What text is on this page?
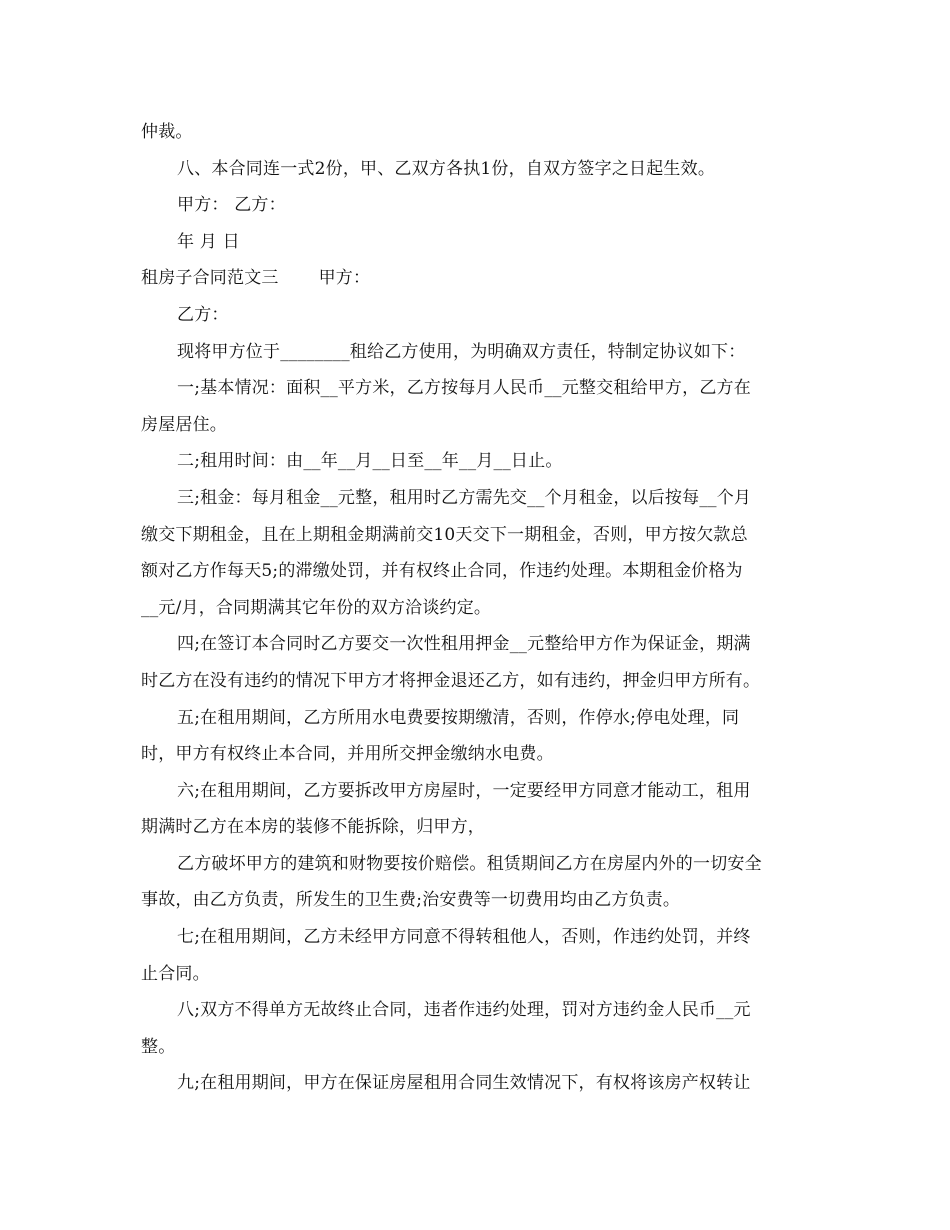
仲裁。
八、本合同连一式2份，甲、乙双方各执1份，自双方签字之日起生效。
甲方： 乙方：
年 月 日
租房子合同范文三 甲方：
乙方：
现将甲方位于________租给乙方使用，为明确双方责任，特制定协议如下：
一;基本情况：面积__平方米，乙方按每月人民币__元整交租给甲方，乙方在
房屋居住。
二;租用时间：由__年__月__日至__年__月__日止。
三;租金：每月租金__元整，租用时乙方需先交__个月租金，以后按每__个月
缴交下期租金，且在上期租金期满前交10天交下一期租金，否则，甲方按欠款总
额对乙方作每天5;的滞缴处罚，并有权终止合同，作违约处理。本期租金价格为
__元/月，合同期满其它年份的双方洽谈约定。
四;在签订本合同时乙方要交一次性租用押金__元整给甲方作为保证金，期满
时乙方在没有违约的情况下甲方才将押金退还乙方，如有违约，押金归甲方所有。
五;在租用期间，乙方所用水电费要按期缴清，否则，作停水;停电处理，同
时，甲方有权终止本合同，并用所交押金缴纳水电费。
六;在租用期间，乙方要拆改甲方房屋时，一定要经甲方同意才能动工，租用
期满时乙方在本房的装修不能拆除，归甲方，
乙方破坏甲方的建筑和财物要按价赔偿。租赁期间乙方在房屋内外的一切安全
事故，由乙方负责，所发生的卫生费;治安费等一切费用均由乙方负责。
七;在租用期间，乙方未经甲方同意不得转租他人，否则，作违约处罚，并终
止合同。
八;双方不得单方无故终止合同，违者作违约处理，罚对方违约金人民币__元
整。
九;在租用期间，甲方在保证房屋租用合同生效情况下，有权将该房产权转让
